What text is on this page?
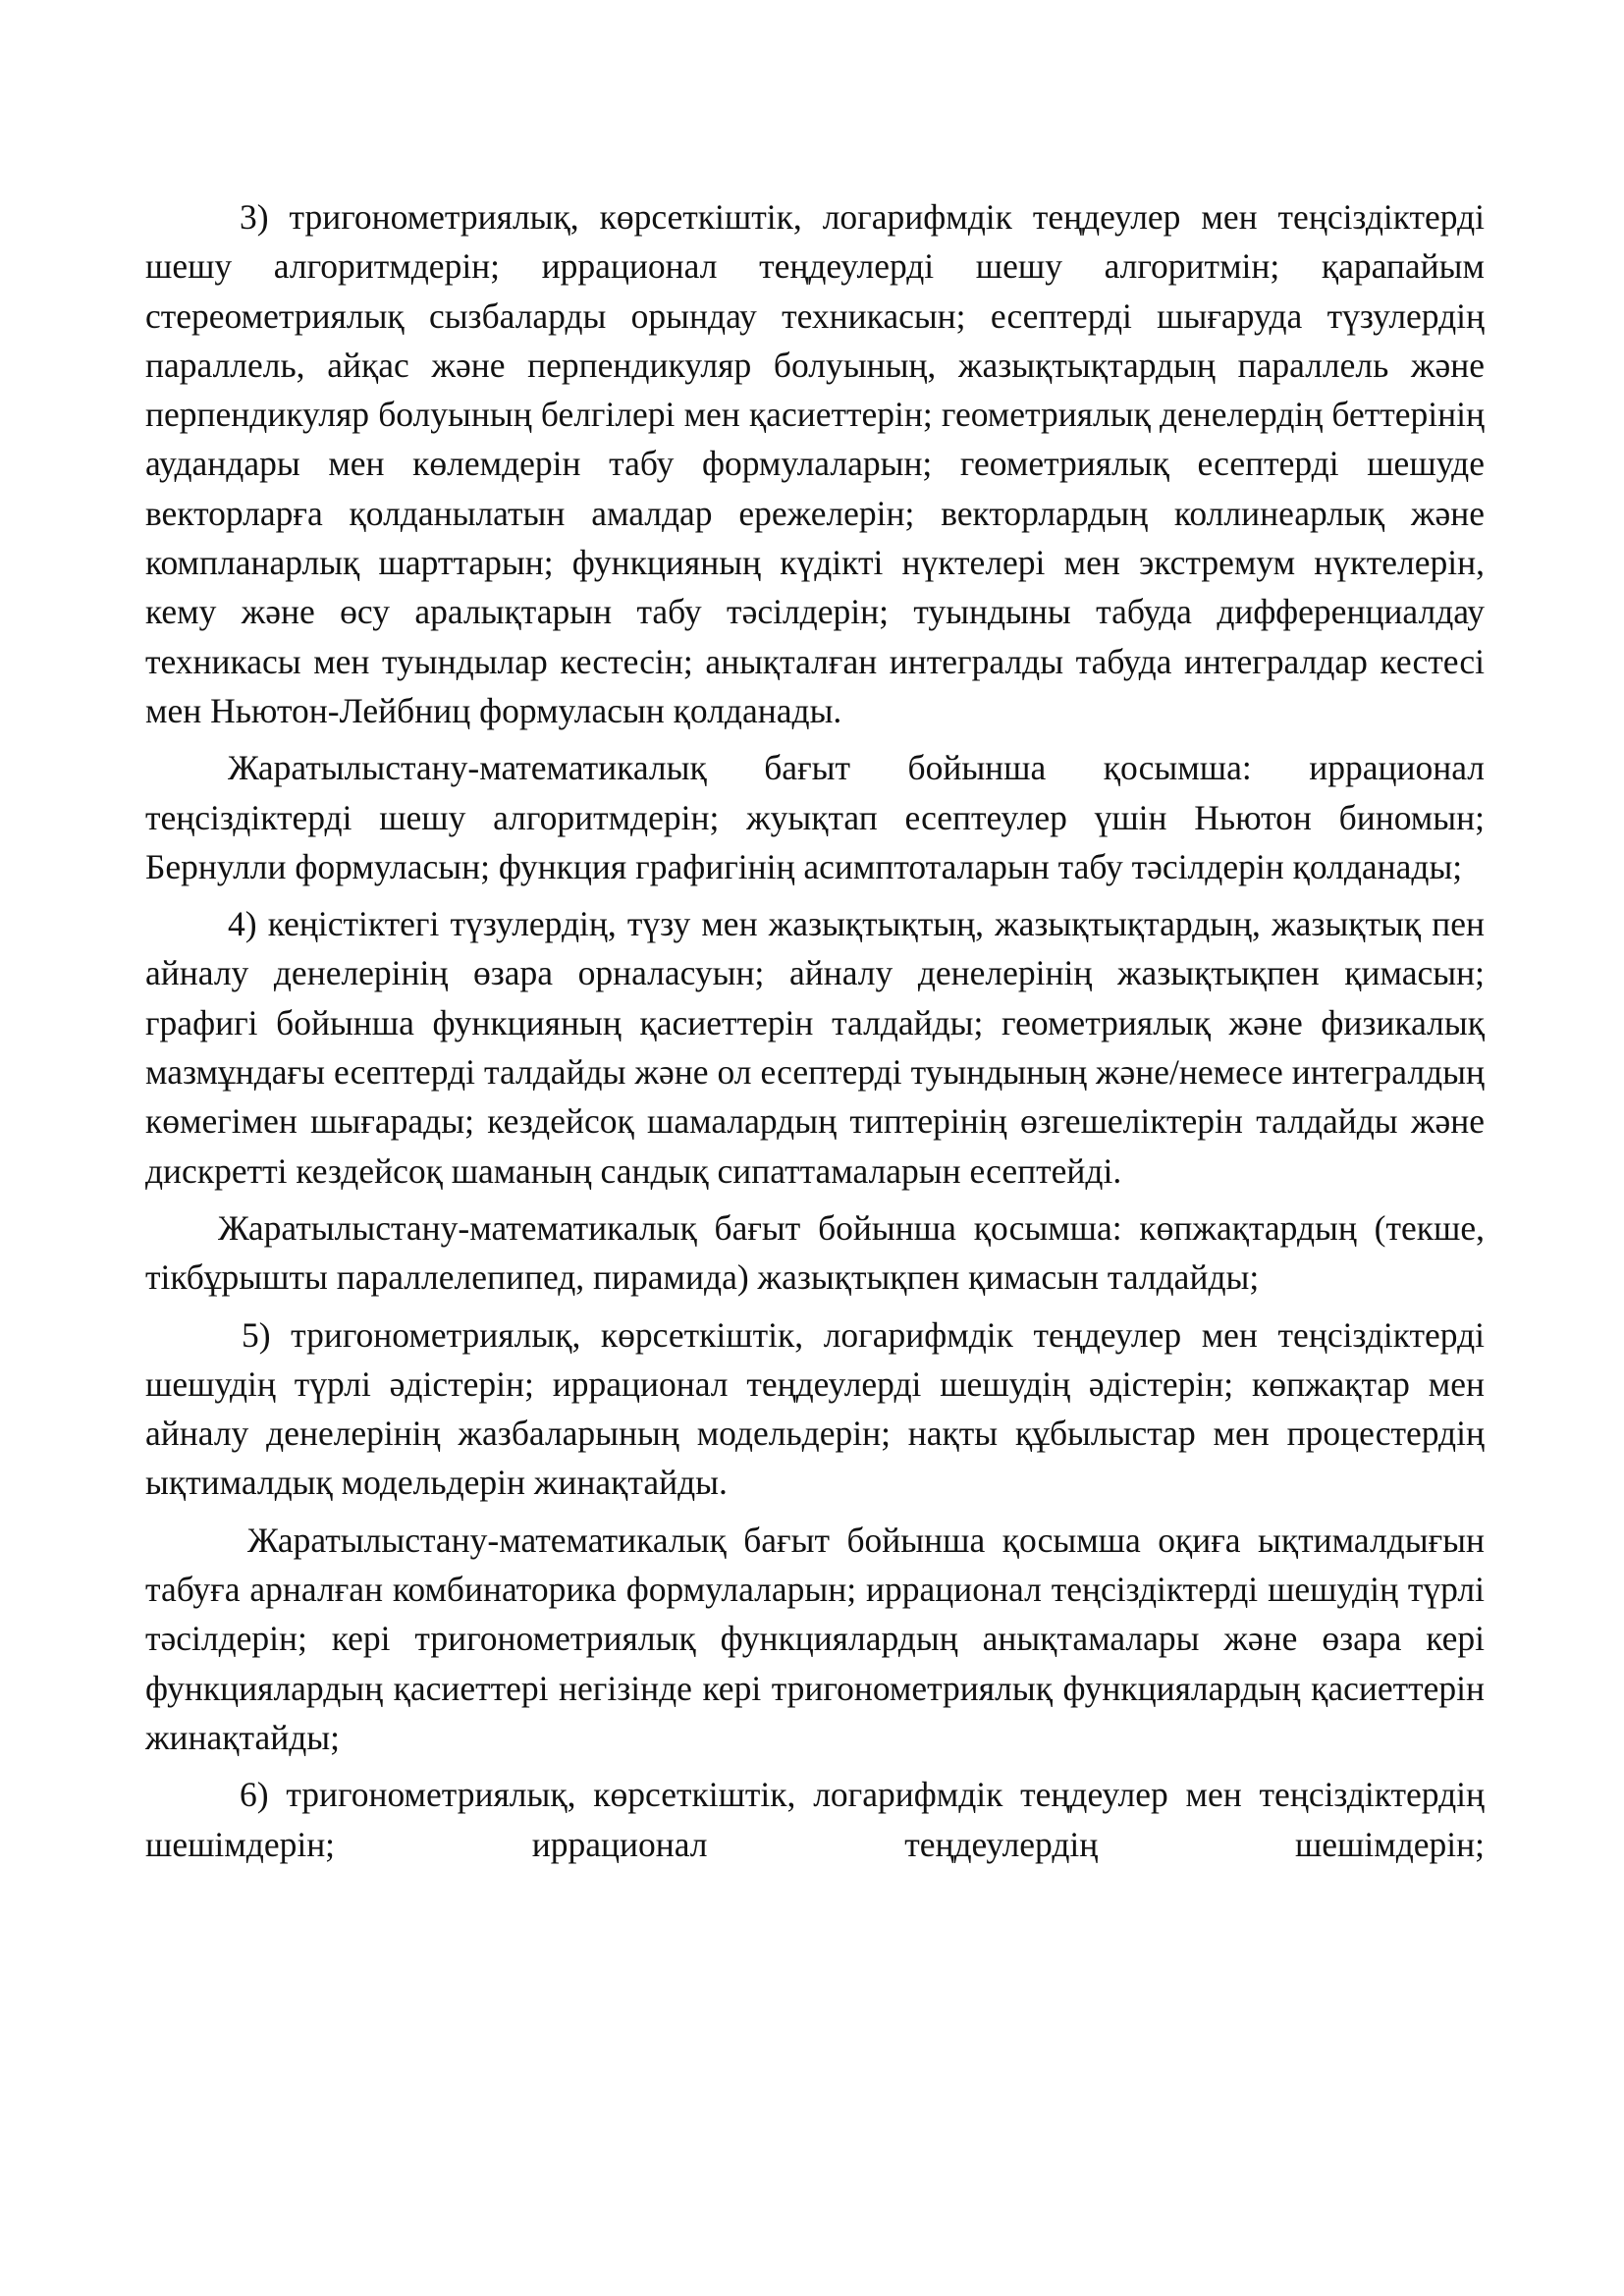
3) тригонометриялық, көрсеткіштік, логарифмдік теңдеулер мен теңсіздіктерді шешу алгоритмдерін; иррационал теңдеулерді шешу алгоритмін; қарапайым стереометриялық сызбаларды орындау техникасын; есептерді шығаруда түзулердің параллель, айқас және перпендикуляр болуының, жазықтықтардың параллель және перпендикуляр болуының белгілері мен қасиеттерін; геометриялық денелердің беттерінің аудандары мен көлемдерін табу формулаларын; геометриялық есептерді шешуде векторларға қолданылатын амалдар ережелерін; векторлардың коллинеарлық және компланарлық шарттарын; функцияның күдікті нүктелері мен экстремум нүктелерін, кему және өсу аралықтарын табу тәсілдерін; туындыны табуда дифференциалдау техникасы мен туындылар кестесін; анықталған интегралды табуда интегралдар кестесі мен Ньютон-Лейбниц формуласын қолданады.

Жаратылыстану-математикалық бағыт бойынша қосымша: иррационал теңсіздіктерді шешу алгоритмдерін; жуықтап есептеулер үшін Ньютон биномын; Бернулли формуласын; функция графигінің асимптоталарын табу тәсілдерін қолданады;

4) кеңістіктегі түзулердің, түзу мен жазықтықтың, жазықтықтардың, жазықтық пен айналу денелерінің өзара орналасуын; айналу денелерінің жазықтықпен қимасын; графигі бойынша функцияның қасиеттерін талдайды; геометриялық және физикалық мазмұндағы есептерді талдайды және ол есептерді туындының және/немесе интегралдың көмегімен шығарады; кездейсоқ шамалардың типтерінің өзгешеліктерін талдайды және дискретті кездейсоқ шаманың сандық сипаттамаларын есептейді.

Жаратылыстану-математикалық бағыт бойынша қосымша: көпжақтардың (текше, тікбұрышты параллелепипед, пирамида) жазықтықпен қимасын талдайды;

5) тригонометриялық, көрсеткіштік, логарифмдік теңдеулер мен теңсіздіктерді шешудің түрлі әдістерін; иррационал теңдеулерді шешудің әдістерін; көпжақтар мен айналу денелерінің жазбаларының модельдерін; нақты құбылыстар мен процестердің ықтималдық модельдерін жинақтайды.

Жаратылыстану-математикалық бағыт бойынша қосымша оқиға ықтималдығын табуға арналған комбинаторика формулаларын; иррационал теңсіздіктерді шешудің түрлі тәсілдерін; кері тригонометриялық функциялардың анықтамалары және өзара кері функциялардың қасиеттері негізінде кері тригонометриялық функциялардың қасиеттерін жинақтайды;

6) тригонометриялық, көрсеткіштік, логарифмдік теңдеулер мен теңсіздіктердің шешімдерін; иррационал теңдеулердің шешімдерін;
